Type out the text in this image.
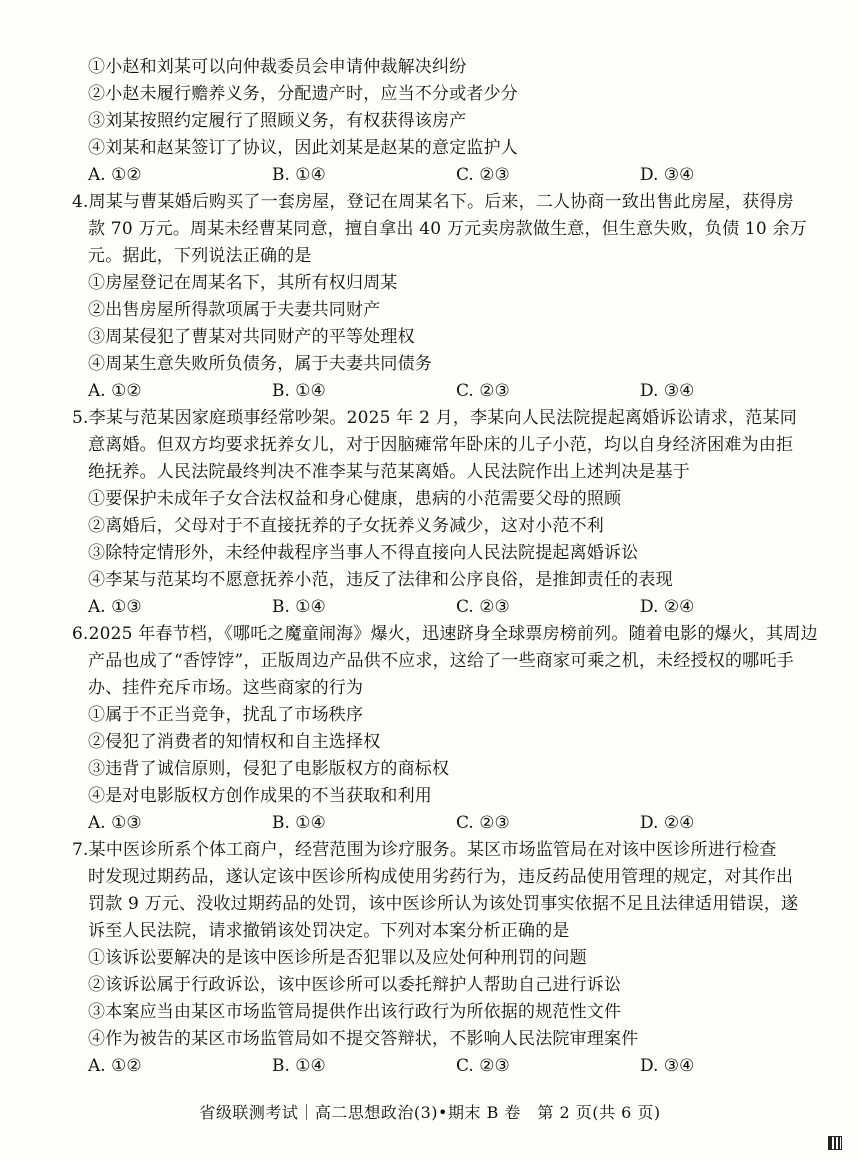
①小赵和刘某可以向仲裁委员会申请仲裁解决纠纷
②小赵未履行赡养义务，分配遗产时，应当不分或者少分
③刘某按照约定履行了照顾义务，有权获得该房产
④刘某和赵某签订了协议，因此刘某是赵某的意定监护人
A. ①②	B. ①④	C. ②③	D. ③④
4.周某与曹某婚后购买了一套房屋，登记在周某名下。后来，二人协商一致出售此房屋，获得房
款 70 万元。周某未经曹某同意，擅自拿出 40 万元卖房款做生意，但生意失败，负债 10 余万
元。据此，下列说法正确的是
①房屋登记在周某名下，其所有权归周某
②出售房屋所得款项属于夫妻共同财产
③周某侵犯了曹某对共同财产的平等处理权
④周某生意失败所负债务，属于夫妻共同债务
A. ①②	B. ①④	C. ②③	D. ③④
5.李某与范某因家庭琐事经常吵架。2025 年 2 月，李某向人民法院提起离婚诉讼请求，范某同
意离婚。但双方均要求抚养女儿，对于因脑瘫常年卧床的儿子小范，均以自身经济困难为由拒
绝抚养。人民法院最终判决不准李某与范某离婚。人民法院作出上述判决是基于
①要保护未成年子女合法权益和身心健康，患病的小范需要父母的照顾
②离婚后，父母对于不直接抚养的子女抚养义务减少，这对小范不利
③除特定情形外，未经仲裁程序当事人不得直接向人民法院提起离婚诉讼
④李某与范某均不愿意抚养小范，违反了法律和公序良俗，是推卸责任的表现
A. ①③	B. ①④	C. ②③	D. ②④
6.2025 年春节档，《哪吒之魔童闹海》爆火，迅速跻身全球票房榜前列。随着电影的爆火，其周边
产品也成了“香饽饽”，正版周边产品供不应求，这给了一些商家可乘之机，未经授权的哪吒手
办、挂件充斥市场。这些商家的行为
①属于不正当竞争，扰乱了市场秩序
②侵犯了消费者的知情权和自主选择权
③违背了诚信原则，侵犯了电影版权方的商标权
④是对电影版权方创作成果的不当获取和利用
A. ①③	B. ①④	C. ②③	D. ②④
7.某中医诊所系个体工商户，经营范围为诊疗服务。某区市场监管局在对该中医诊所进行检查
时发现过期药品，遂认定该中医诊所构成使用劣药行为，违反药品使用管理的规定，对其作出
罚款 9 万元、没收过期药品的处罚，该中医诊所认为该处罚事实依据不足且法律适用错误，遂
诉至人民法院，请求撤销该处罚决定。下列对本案分析正确的是
①该诉讼要解决的是该中医诊所是否犯罪以及应处何种刑罚的问题
②该诉讼属于行政诉讼，该中医诊所可以委托辩护人帮助自己进行诉讼
③本案应当由某区市场监管局提供作出该行政行为所依据的规范性文件
④作为被告的某区市场监管局如不提交答辩状，不影响人民法院审理案件
A. ①②	B. ①④	C. ②③	D. ③④
省级联测考试｜高二思想政治(3)•期末 B 卷　第 2 页(共 6 页)
